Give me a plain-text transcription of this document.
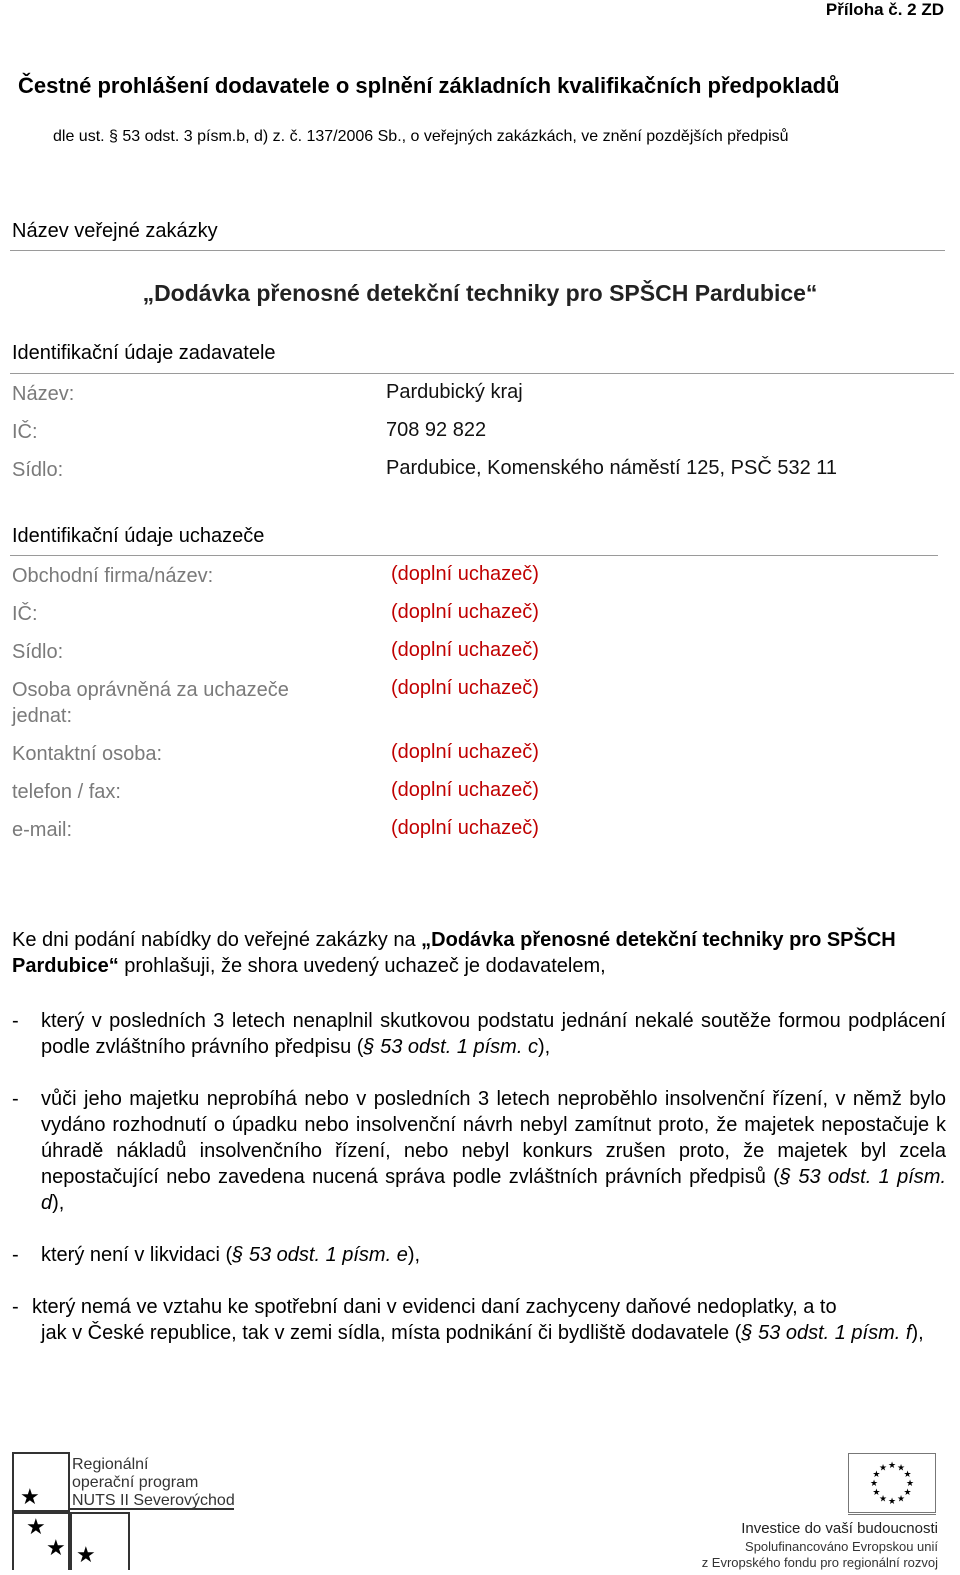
Příloha č. 2 ZD
Čestné prohlášení dodavatele o splnění základních kvalifikačních předpokladů
dle ust. § 53 odst. 3 písm.b, d) z. č. 137/2006 Sb., o veřejných zakázkách, ve znění pozdějších předpisů
Název veřejné zakázky
„Dodávka přenosné detekční techniky pro SPŠCH Pardubice“
Identifikační údaje zadavatele
Název:	Pardubický kraj
IČ:	708 92 822
Sídlo:	Pardubice, Komenského náměstí 125, PSČ 532 11
Identifikační údaje uchazeče
Obchodní firma/název:	(doplní uchazeč)
IČ:	(doplní uchazeč)
Sídlo:	(doplní uchazeč)
Osoba oprávněná za uchazeče jednat:
(doplní uchazeč)
Kontaktní osoba:	(doplní uchazeč)
telefon / fax:	(doplní uchazeč)
e-mail:	(doplní uchazeč)
Ke dni podání nabídky do veřejné zakázky na „Dodávka přenosné detekční techniky pro SPŠCH Pardubice“ prohlašuji, že shora uvedený uchazeč je dodavatelem,
- který v posledních 3 letech nenaplnil skutkovou podstatu jednání nekalé soutěže formou podplácení podle zvláštního právního předpisu (§ 53 odst. 1 písm. c),
- vůči jeho majetku neprobíhá nebo v posledních 3 letech neproběhlo insolvenční řízení, v němž bylo vydáno rozhodnutí o úpadku nebo insolvenční návrh nebyl zamítnut proto, že majetek nepostačuje k úhradě nákladů insolvenčního řízení, nebo nebyl konkurs zrušen proto, že majetek byl zcela nepostačující nebo zavedena nucená správa podle zvláštních právních předpisů (§ 53 odst. 1 písm. d),
- který není v likvidaci (§ 53 odst. 1 písm. e),
- který nemá ve vztahu ke spotřební dani v evidenci daní zachyceny daňové nedoplatky, a to
jak v České republice, tak v zemi sídla, místa podnikání či bydliště dodavatele (§ 53 odst. 1 písm. f),
★
★
★ ★
Regionální
operační program
NUTS II Severovýchod
★ ★
★
★
★
★
★
★
★
★
★
★
Investice do vaší budoucnosti
Spolufinancováno Evropskou unií
z Evropského fondu pro regionální rozvoj
